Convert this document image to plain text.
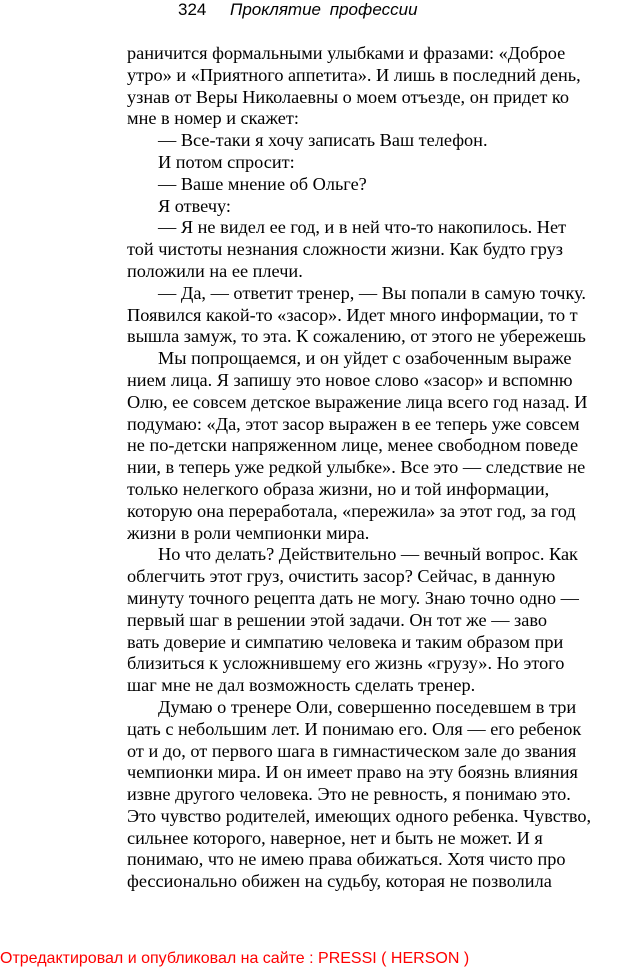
324 Проклятие профессии
раничится формальными улыбками и фразами: «Доброе
утро» и «Приятного аппетита». И лишь в последний день,
узнав от Веры Николаевны о моем отъезде, он придет ко
мне в номер и скажет:
— Все-таки я хочу записать Ваш телефон.
И потом спросит:
— Ваше мнение об Ольге?
Я отвечу:
— Я не видел ее год, и в ней что-то накопилось. Нет
той чистоты незнания сложности жизни. Как будто груз
положили на ее плечи.
— Да, — ответит тренер, — Вы попали в самую точку.
Появился какой-то «засор». Идет много информации, то т
вышла замуж, то эта. К сожалению, от этого не убережешь
Мы попрощаемся, и он уйдет с озабоченным выраже
нием лица. Я запишу это новое слово «засор» и вспомню
Олю, ее совсем детское выражение лица всего год назад. И
подумаю: «Да, этот засор выражен в ее теперь уже совсем
не по-детски напряженном лице, менее свободном поведе
нии, в теперь уже редкой улыбке». Все это — следствие не
только нелегкого образа жизни, но и той информации,
которую она переработала, «пережила» за этот год, за год
жизни в роли чемпионки мира.
Но что делать? Действительно — вечный вопрос. Как
облегчить этот груз, очистить засор? Сейчас, в данную
минуту точного рецепта дать не могу. Знаю точно одно —
первый шаг в решении этой задачи. Он тот же — заво
вать доверие и симпатию человека и таким образом при
близиться к усложнившему его жизнь «грузу». Но этого
шаг мне не дал возможность сделать тренер.
Думаю о тренере Оли, совершенно поседевшем в три
цать с небольшим лет. И понимаю его. Оля — его ребенок
от и до, от первого шага в гимнастическом зале до звания
чемпионки мира. И он имеет право на эту боязнь влияния
извне другого человека. Это не ревность, я понимаю это.
Это чувство родителей, имеющих одного ребенка. Чувство,
сильнее которого, наверное, нет и быть не может. И я
понимаю, что не имею права обижаться. Хотя чисто про
фессионально обижен на судьбу, которая не позволила
Отредактировал и опубликовал на сайте : PRESSI ( HERSON )
